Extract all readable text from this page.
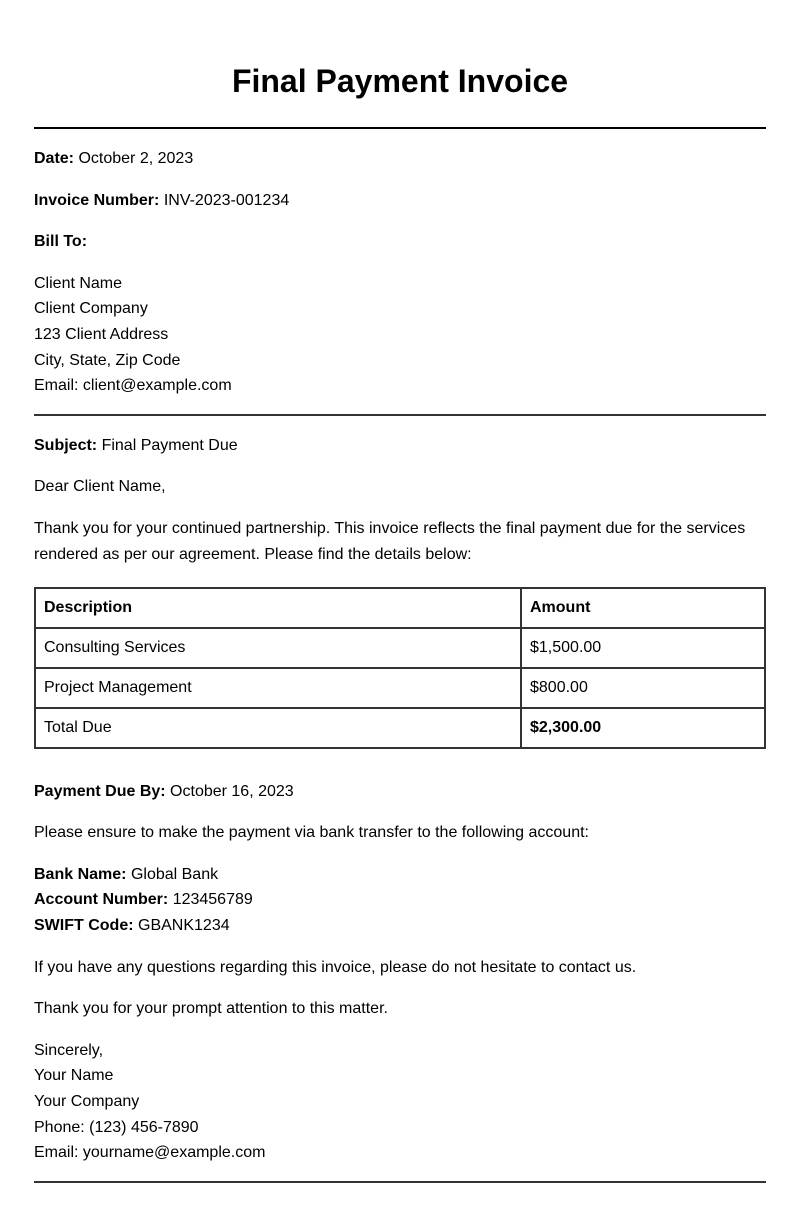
Final Payment Invoice
Date: October 2, 2023
Invoice Number: INV-2023-001234
Bill To:
Client Name
Client Company
123 Client Address
City, State, Zip Code
Email: client@example.com
Subject: Final Payment Due
Dear Client Name,
Thank you for your continued partnership. This invoice reflects the final payment due for the services
rendered as per our agreement. Please find the details below:
Description	Amount
Consulting Services	$1,500.00
Project Management	$800.00
Total Due	$2,300.00
Payment Due By: October 16, 2023
Please ensure to make the payment via bank transfer to the following account:
Bank Name: Global Bank
Account Number: 123456789
SWIFT Code: GBANK1234
If you have any questions regarding this invoice, please do not hesitate to contact us.
Thank you for your prompt attention to this matter.
Sincerely,
Your Name
Your Company
Phone: (123) 456-7890
Email: yourname@example.com
